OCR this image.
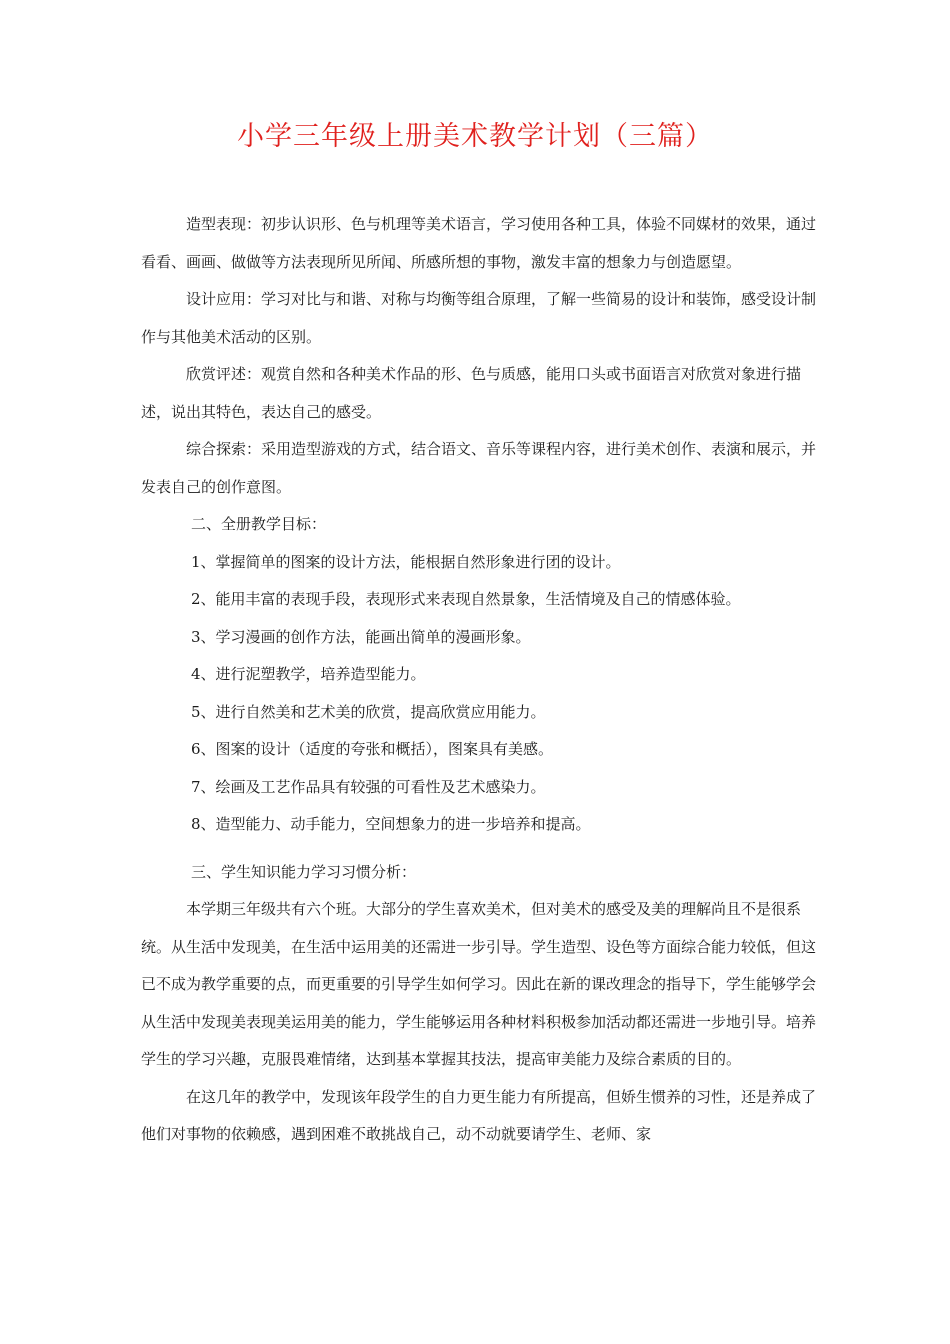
小学三年级上册美术教学计划（三篇）

造型表现：初步认识形、色与机理等美术语言，学习使用各种工具，体验不同媒材的效果，通过看看、画画、做做等方法表现所见所闻、所感所想的事物，激发丰富的想象力与创造愿望。

设计应用：学习对比与和谐、对称与均衡等组合原理，了解一些简易的设计和装饰，感受设计制作与其他美术活动的区别。

欣赏评述：观赏自然和各种美术作品的形、色与质感，能用口头或书面语言对欣赏对象进行描述，说出其特色，表达自己的感受。

综合探索：采用造型游戏的方式，结合语文、音乐等课程内容，进行美术创作、表演和展示，并发表自己的创作意图。

二、全册教学目标：

1、掌握简单的图案的设计方法，能根据自然形象进行团的设计。

2、能用丰富的表现手段，表现形式来表现自然景象，生活情境及自己的情感体验。

3、学习漫画的创作方法，能画出简单的漫画形象。

4、进行泥塑教学，培养造型能力。

5、进行自然美和艺术美的欣赏，提高欣赏应用能力。

6、图案的设计（适度的夸张和概括），图案具有美感。

7、绘画及工艺作品具有较强的可看性及艺术感染力。

8、造型能力、动手能力，空间想象力的进一步培养和提高。

三、学生知识能力学习习惯分析：

本学期三年级共有六个班。大部分的学生喜欢美术，但对美术的感受及美的理解尚且不是很系统。从生活中发现美，在生活中运用美的还需进一步引导。学生造型、设色等方面综合能力较低，但这已不成为教学重要的点，而更重要的引导学生如何学习。因此在新的课改理念的指导下，学生能够学会从生活中发现美表现美运用美的能力，学生能够运用各种材料积极参加活动都还需进一步地引导。培养学生的学习兴趣，克服畏难情绪，达到基本掌握其技法，提高审美能力及综合素质的目的。

在这几年的教学中，发现该年段学生的自力更生能力有所提高，但娇生惯养的习性，还是养成了他们对事物的依赖感，遇到困难不敢挑战自己，动不动就要请学生、老师、家
